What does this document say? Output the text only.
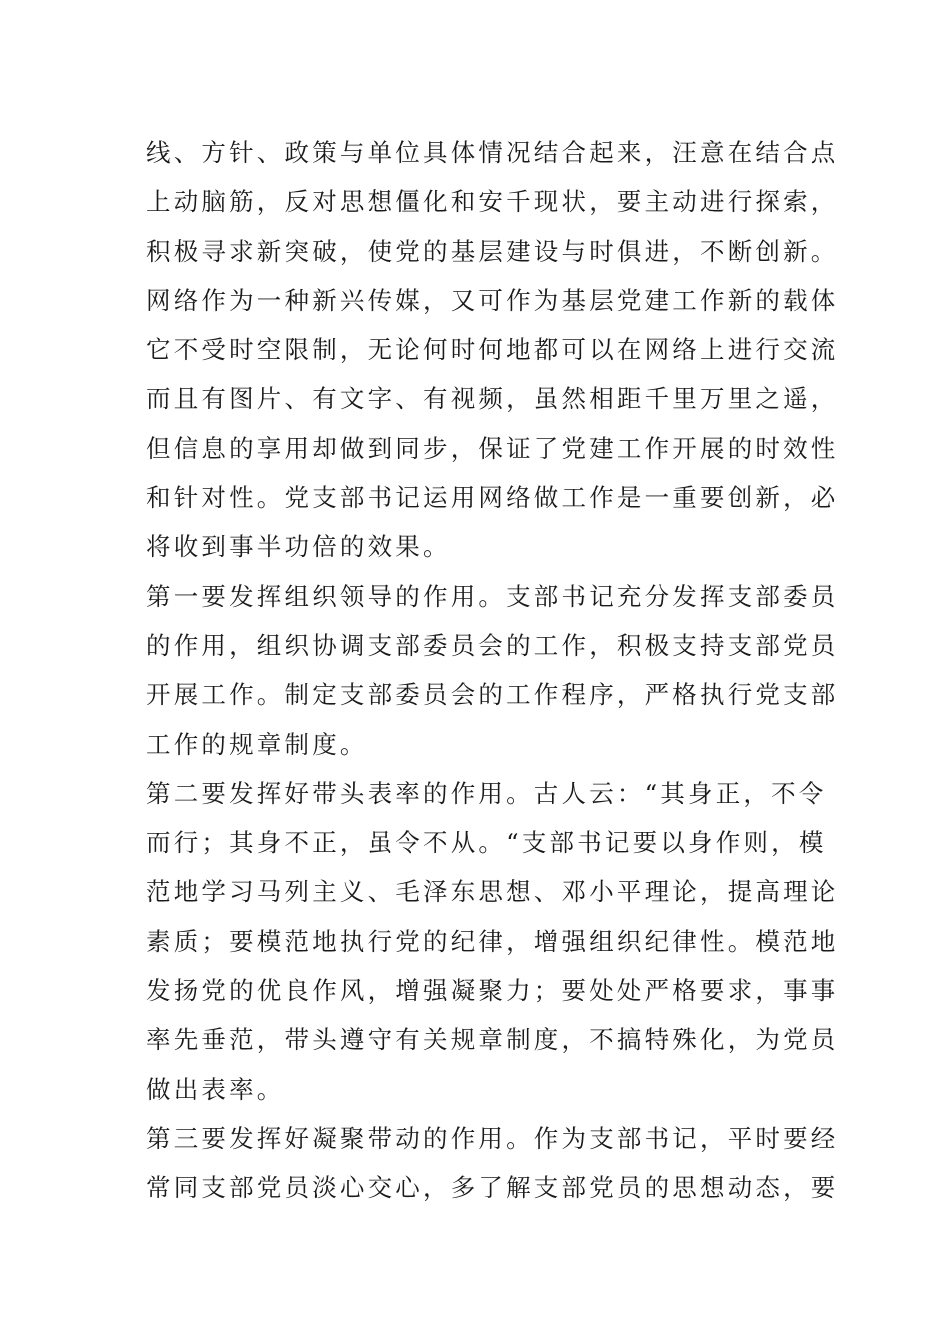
线、方针、政策与单位具体情况结合起来，汪意在结合点
上动脑筋，反对思想僵化和安千现状，要主动进行探索，
积极寻求新突破，使党的基层建设与时俱进，不断创新。
网络作为一种新兴传媒，又可作为基层党建工作新的载体
它不受时空限制，无论何时何地都可以在网络上进行交流
而且有图片、有文字、有视频，虽然相距千里万里之遥，
但信息的享用却做到同步，保证了党建工作开展的时效性
和针对性。党支部书记运用网络做工作是一重要创新，必
将收到事半功倍的效果。
第一要发挥组织领导的作用。支部书记充分发挥支部委员
的作用，组织协调支部委员会的工作，积极支持支部党员
开展工作。制定支部委员会的工作程序，严格执行党支部
工作的规章制度。
第二要发挥好带头表率的作用。古人云：“其身正，不令
而行；其身不正，虽令不从。“支部书记要以身作则，模
范地学习马列主义、毛泽东思想、邓小平理论，提高理论
素质；要模范地执行党的纪律，增强组织纪律性。模范地
发扬党的优良作风，增强凝聚力；要处处严格要求，事事
率先垂范，带头遵守有关规章制度，不搞特殊化，为党员
做出表率。
第三要发挥好凝聚带动的作用。作为支部书记，平时要经
常同支部党员淡心交心，多了解支部党员的思想动态，要
